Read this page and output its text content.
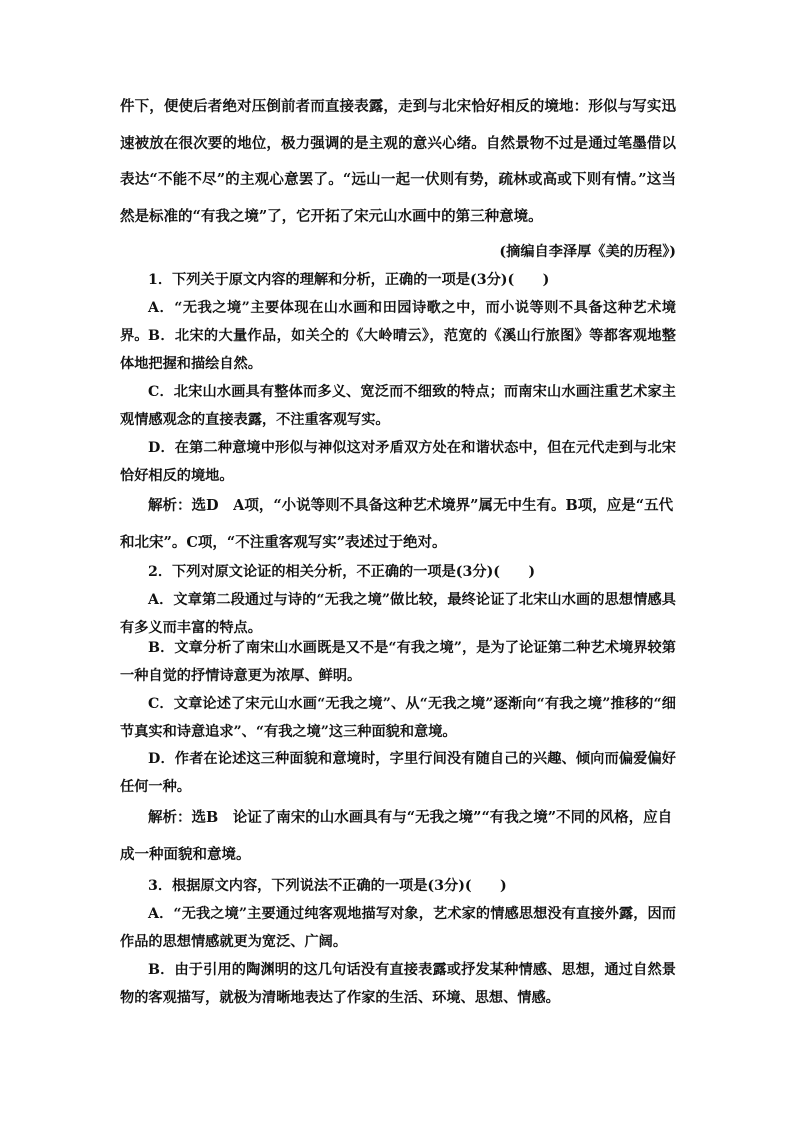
件下，便使后者绝对压倒前者而直接表露，走到与北宋恰好相反的境地：形似与写实迅速被放在很次要的地位，极力强调的是主观的意兴心绪。自然景物不过是通过笔墨借以表达“不能不尽”的主观心意罢了。“远山一起一伏则有势，疏林或高或下则有情。”这当然是标准的“有我之境”了，它开拓了宋元山水画中的第三种意境。

(摘编自李泽厚《美的历程》)

1．下列关于原文内容的理解和分析，正确的一项是(3分)(　　)

A．“无我之境”主要体现在山水画和田园诗歌之中，而小说等则不具备这种艺术境界。 B．北宋的大量作品，如关仝的《大岭晴云》，范宽的《溪山行旅图》等都客观地整体地把握和描绘自然。

C．北宋山水画具有整体而多义、宽泛而不细致的特点；而南宋山水画注重艺术家主观情感观念的直接表露，不注重客观写实。

D．在第二种意境中形似与神似这对矛盾双方处在和谐状态中，但在元代走到与北宋恰好相反的境地。

解析：选D　 A项，“小说等则不具备这种艺术境界”属无中生有。B项，应是“五代和北宋”。C项，“不注重客观写实”表述过于绝对。

2．下列对原文论证的相关分析，不正确的一项是(3分)(　　)

A．文章第二段通过与诗的“无我之境”做比较，最终论证了北宋山水画的思想情感具有多义而丰富的特点。

B．文章分析了南宋山水画既是又不是“有我之境”，是为了论证第二种艺术境界较第一种自觉的抒情诗意更为浓厚、鲜明。

C．文章论述了宋元山水画“无我之境”、从“无我之境”逐渐向“有我之境”推移的“细节真实和诗意追求”、“有我之境”这三种面貌和意境。

D．作者在论述这三种面貌和意境时，字里行间没有随自己的兴趣、倾向而偏爱偏好任何一种。

解析：选B　 论证了南宋的山水画具有与“无我之境”“有我之境”不同的风格，应自成一种面貌和意境。

3．根据原文内容，下列说法不正确的一项是(3分)(　　)

A．“无我之境”主要通过纯客观地描写对象，艺术家的情感思想没有直接外露，因而作品的思想情感就更为宽泛、广阔。

B．由于引用的陶渊明的这几句话没有直接表露或抒发某种情感、思想，通过自然景物的客观描写，就极为清晰地表达了作家的生活、环境、思想、情感。
